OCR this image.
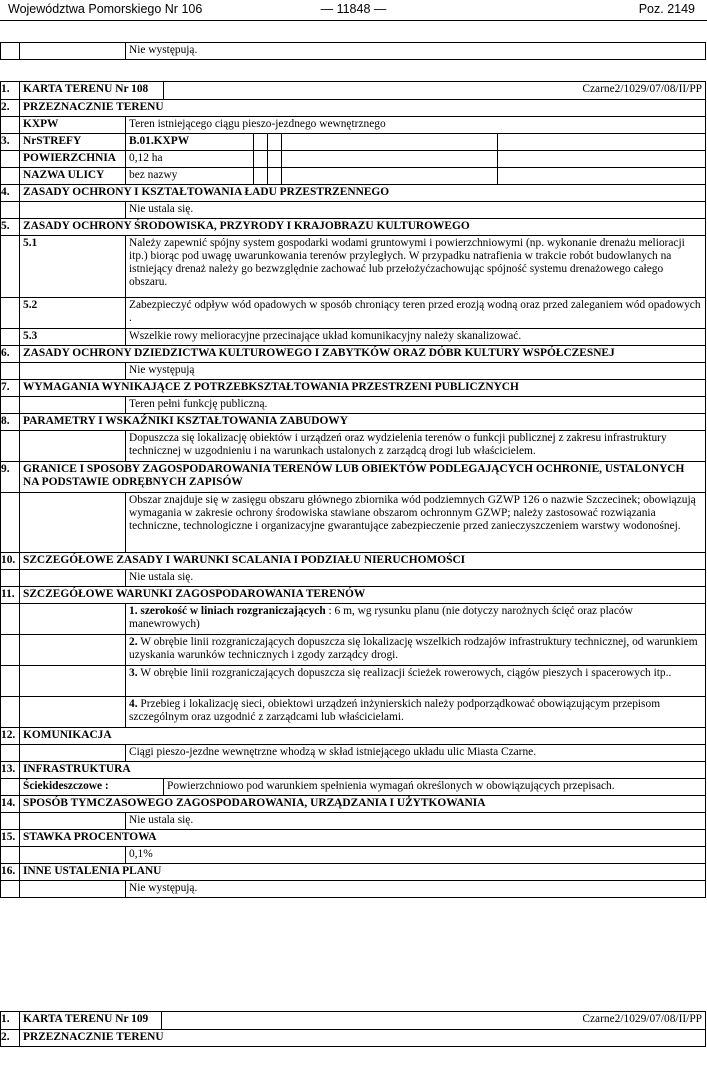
Województwa Pomorskiego Nr 106	— 11848 —	Poz. 2149
		Nie występują.
1.	KARTA TERENU Nr 108		Czarne2/1029/07/08/II/PP				
2.	PRZEZNACZNIE TERENU						
	KXPW	Teren istniejącego ciągu pieszo-jezdnego wewnętrznego					
3.	NrSTREFY	B.01.KXPW					
	POWIERZCHNIA	0,12 ha					
	NAZWA ULICY	bez nazwy					
4.	ZASADY OCHRONY I KSZTAŁTOWANIA ŁADU PRZESTRZENNEGO						
		Nie ustala się.					
5.	ZASADY OCHRONY ŚRODOWISKA, PRZYRODY I KRAJOBRAZU KULTUROWEGO						
	5.1	Należy zapewnić spójny system gospodarki wodami gruntowymi i powierzchniowymi (np. wykonanie drenażu melioracji itp.) biorąc pod uwagę uwarunkowania terenów przyległych. W przypadku natrafienia w trakcie robót budowlanych na istniejący drenaż należy go bezwzględnie zachować lub przełożyćzachowując spójność systemu drenażowego całego obszaru.					
	5.2	Zabezpieczyć odpływ wód opadowych w sposób chroniący teren przed erozją wodną oraz przed zaleganiem wód opadowych .					
	5.3	Wszelkie rowy melioracyjne przecinające układ komunikacyjny należy skanalizować.					
6.	ZASADY OCHRONY DZIEDZICTWA KULTUROWEGO I ZABYTKÓW ORAZ DÓBR KULTURY WSPÓŁCZESNEJ						
		Nie występują					
7.	WYMAGANIA WYNIKAJĄCE Z POTRZEBKSZTAŁTOWANIA PRZESTRZENI PUBLICZNYCH						
		Teren pełni funkcję publiczną.					
8.	PARAMETRY I WSKAŹNIKI KSZTAŁTOWANIA ZABUDOWY						
		Dopuszcza się lokalizację obiektów i urządzeń oraz wydzielenia terenów o funkcji publicznej z zakresu infrastruktury technicznej w uzgodnieniu i na warunkach ustalonych z zarządcą drogi lub właścicielem.					
9.	GRANICE I SPOSOBY ZAGOSPODAROWANIA TERENÓW LUB OBIEKTÓW PODLEGAJĄCYCH OCHRONIE, USTALONYCH NA PODSTAWIE ODRĘBNYCH ZAPISÓW						
		Obszar znajduje się w zasięgu obszaru głównego zbiornika wód podziemnych GZWP 126 o nazwie Szczecinek; obowiązują wymagania w zakresie ochrony środowiska stawiane obszarom ochronnym GZWP; należy zastosować rozwiązania techniczne, technologiczne i organizacyjne gwarantujące zabezpieczenie przed zanieczyszczeniem warstwy wodonośnej.					
10.	SZCZEGÓŁOWE ZASADY I WARUNKI SCALANIA I PODZIAŁU NIERUCHOMOŚCI						
		Nie ustala się.					
11.	SZCZEGÓŁOWE WARUNKI ZAGOSPODAROWANIA TERENÓW						
		1. szerokość w liniach rozgraniczających : 6 m, wg rysunku planu (nie dotyczy narożnych ścięć oraz placów manewrowych)					
		2. W obrębie linii rozgraniczających dopuszcza się lokalizację wszelkich rodzajów infrastruktury technicznej, od warunkiem uzyskania warunków technicznych i zgody zarządcy drogi.					
		3. W obrębie linii rozgraniczających dopuszcza się realizacji ścieżek rowerowych, ciągów pieszych i spacerowych itp..					
		4. Przebieg i lokalizację sieci, obiektowi urządzeń inżynierskich należy podporządkować obowiązującym przepisom szczególnym oraz uzgodnić z zarządcami lub właścicielami.					
12.	KOMUNIKACJA						
		Ciągi pieszo-jezdne wewnętrzne whodzą w skład istniejącego układu ulic Miasta Czarne.					
13.	INFRASTRUKTURA						
	Ściekideszczowe :		Powierzchniowo pod warunkiem spełnienia wymagań określonych w obowiązujących przepisach.				
14.	SPOSÓB TYMCZASOWEGO ZAGOSPODAROWANIA, URZĄDZANIA I UŻYTKOWANIA						
		Nie ustala się.					
15.	STAWKA PROCENTOWA						
		0,1%					
16.	INNE USTALENIA PLANU						
		Nie występują.					
1.	KARTA TERENU Nr 109	Czarne2/1029/07/08/II/PP
2.	PRZEZNACZNIE TERENU	
